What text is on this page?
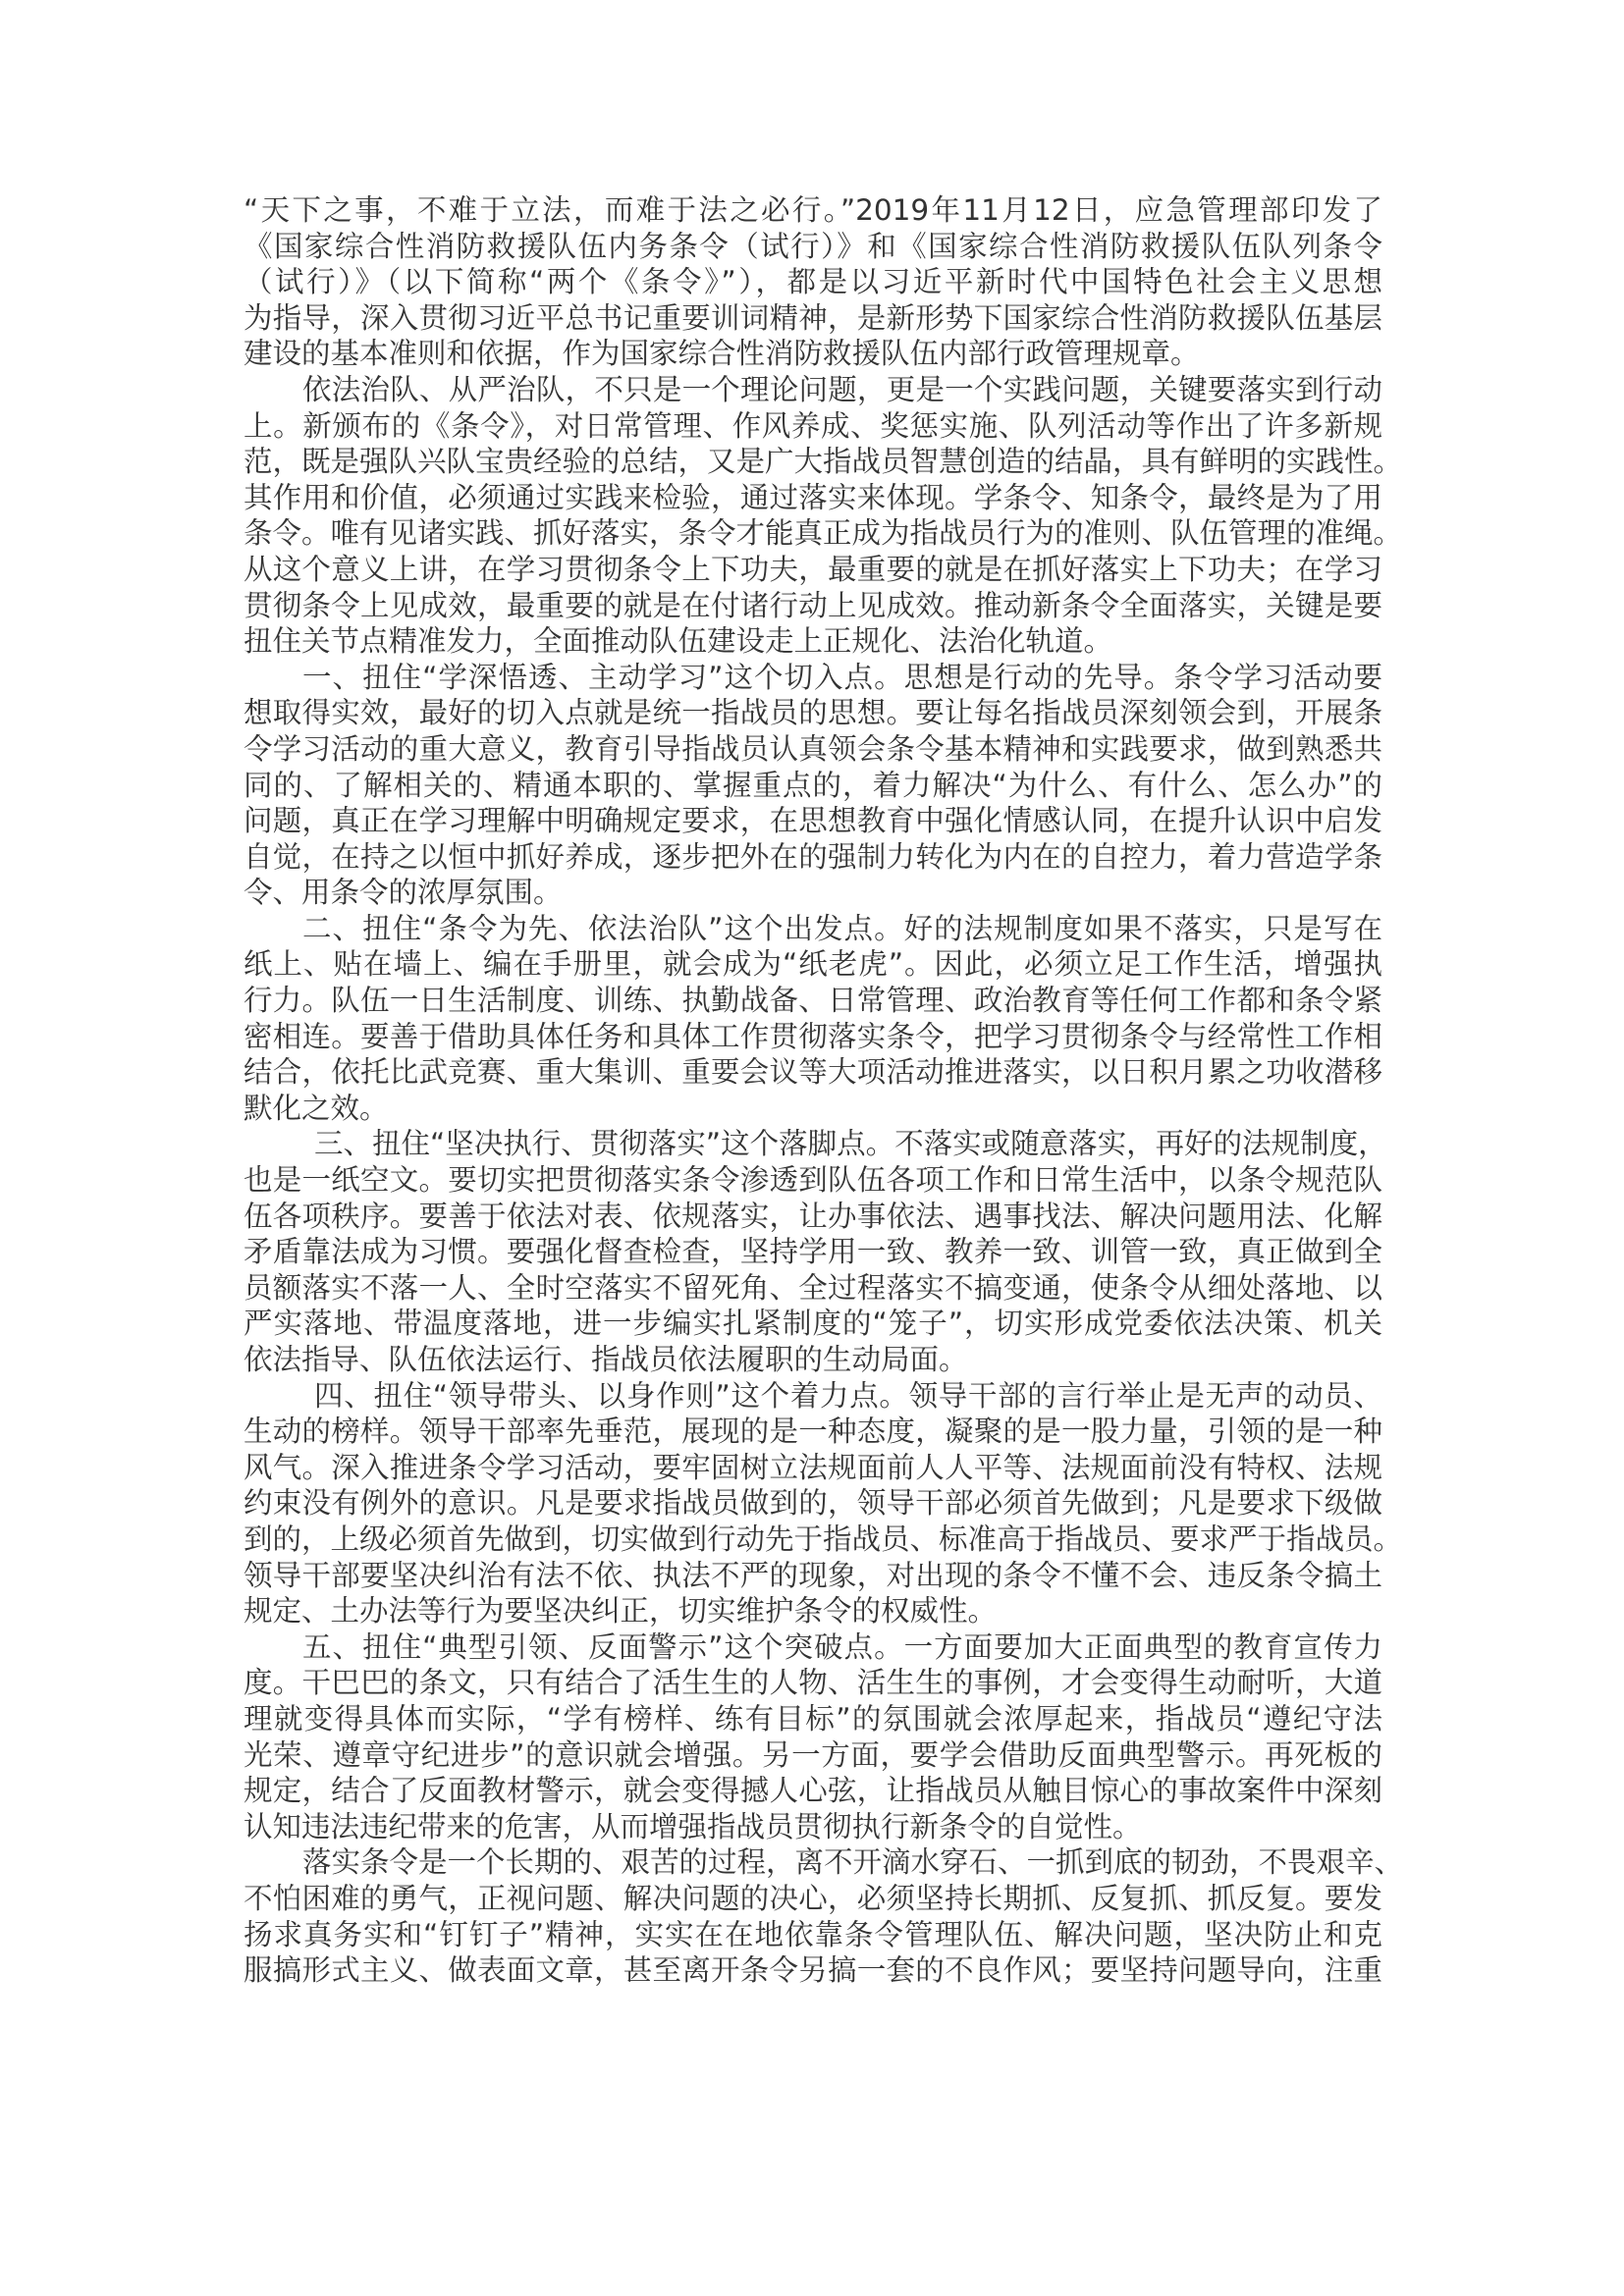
“天下之事，不难于立法，而难于法之必行。”2019年11月12日，应急管理部印发了
《国家综合性消防救援队伍内务条令（试行）》和《国家综合性消防救援队伍队列条令
（试行）》（以下简称“两个《条令》”），都是以习近平新时代中国特色社会主义思想
为指导，深入贯彻习近平总书记重要训词精神，是新形势下国家综合性消防救援队伍基层
建设的基本准则和依据，作为国家综合性消防救援队伍内部行政管理规章。
依法治队、从严治队，不只是一个理论问题，更是一个实践问题，关键要落实到行动
上。新颁布的《条令》，对日常管理、作风养成、奖惩实施、队列活动等作出了许多新规
范，既是强队兴队宝贵经验的总结，又是广大指战员智慧创造的结晶，具有鲜明的实践性。
其作用和价值，必须通过实践来检验，通过落实来体现。学条令、知条令，最终是为了用
条令。唯有见诸实践、抓好落实，条令才能真正成为指战员行为的准则、队伍管理的准绳。
从这个意义上讲，在学习贯彻条令上下功夫，最重要的就是在抓好落实上下功夫；在学习
贯彻条令上见成效，最重要的就是在付诸行动上见成效。推动新条令全面落实，关键是要
扭住关节点精准发力，全面推动队伍建设走上正规化、法治化轨道。
一、扭住“学深悟透、主动学习”这个切入点。思想是行动的先导。条令学习活动要
想取得实效，最好的切入点就是统一指战员的思想。要让每名指战员深刻领会到，开展条
令学习活动的重大意义，教育引导指战员认真领会条令基本精神和实践要求，做到熟悉共
同的、了解相关的、精通本职的、掌握重点的，着力解决“为什么、有什么、怎么办”的
问题，真正在学习理解中明确规定要求，在思想教育中强化情感认同，在提升认识中启发
自觉，在持之以恒中抓好养成，逐步把外在的强制力转化为内在的自控力，着力营造学条
令、用条令的浓厚氛围。
二、扭住“条令为先、依法治队”这个出发点。好的法规制度如果不落实，只是写在
纸上、贴在墙上、编在手册里，就会成为“纸老虎”。因此，必须立足工作生活，增强执
行力。队伍一日生活制度、训练、执勤战备、日常管理、政治教育等任何工作都和条令紧
密相连。要善于借助具体任务和具体工作贯彻落实条令，把学习贯彻条令与经常性工作相
结合，依托比武竞赛、重大集训、重要会议等大项活动推进落实，以日积月累之功收潜移
默化之效。
三、扭住“坚决执行、贯彻落实”这个落脚点。不落实或随意落实，再好的法规制度，
也是一纸空文。要切实把贯彻落实条令渗透到队伍各项工作和日常生活中，以条令规范队
伍各项秩序。要善于依法对表、依规落实，让办事依法、遇事找法、解决问题用法、化解
矛盾靠法成为习惯。要强化督查检查，坚持学用一致、教养一致、训管一致，真正做到全
员额落实不落一人、全时空落实不留死角、全过程落实不搞变通，使条令从细处落地、以
严实落地、带温度落地，进一步编实扎紧制度的“笼子”，切实形成党委依法决策、机关
依法指导、队伍依法运行、指战员依法履职的生动局面。
四、扭住“领导带头、以身作则”这个着力点。领导干部的言行举止是无声的动员、
生动的榜样。领导干部率先垂范，展现的是一种态度，凝聚的是一股力量，引领的是一种
风气。深入推进条令学习活动，要牢固树立法规面前人人平等、法规面前没有特权、法规
约束没有例外的意识。凡是要求指战员做到的，领导干部必须首先做到；凡是要求下级做
到的，上级必须首先做到，切实做到行动先于指战员、标准高于指战员、要求严于指战员。
领导干部要坚决纠治有法不依、执法不严的现象，对出现的条令不懂不会、违反条令搞土
规定、土办法等行为要坚决纠正，切实维护条令的权威性。
五、扭住“典型引领、反面警示”这个突破点。一方面要加大正面典型的教育宣传力
度。干巴巴的条文，只有结合了活生生的人物、活生生的事例，才会变得生动耐听，大道
理就变得具体而实际，“学有榜样、练有目标”的氛围就会浓厚起来，指战员“遵纪守法
光荣、遵章守纪进步”的意识就会增强。另一方面，要学会借助反面典型警示。再死板的
规定，结合了反面教材警示，就会变得撼人心弦，让指战员从触目惊心的事故案件中深刻
认知违法违纪带来的危害，从而增强指战员贯彻执行新条令的自觉性。
落实条令是一个长期的、艰苦的过程，离不开滴水穿石、一抓到底的韧劲，不畏艰辛、
不怕困难的勇气，正视问题、解决问题的决心，必须坚持长期抓、反复抓、抓反复。要发
扬求真务实和“钉钉子”精神，实实在在地依靠条令管理队伍、解决问题，坚决防止和克
服搞形式主义、做表面文章，甚至离开条令另搞一套的不良作风；要坚持问题导向，注重
